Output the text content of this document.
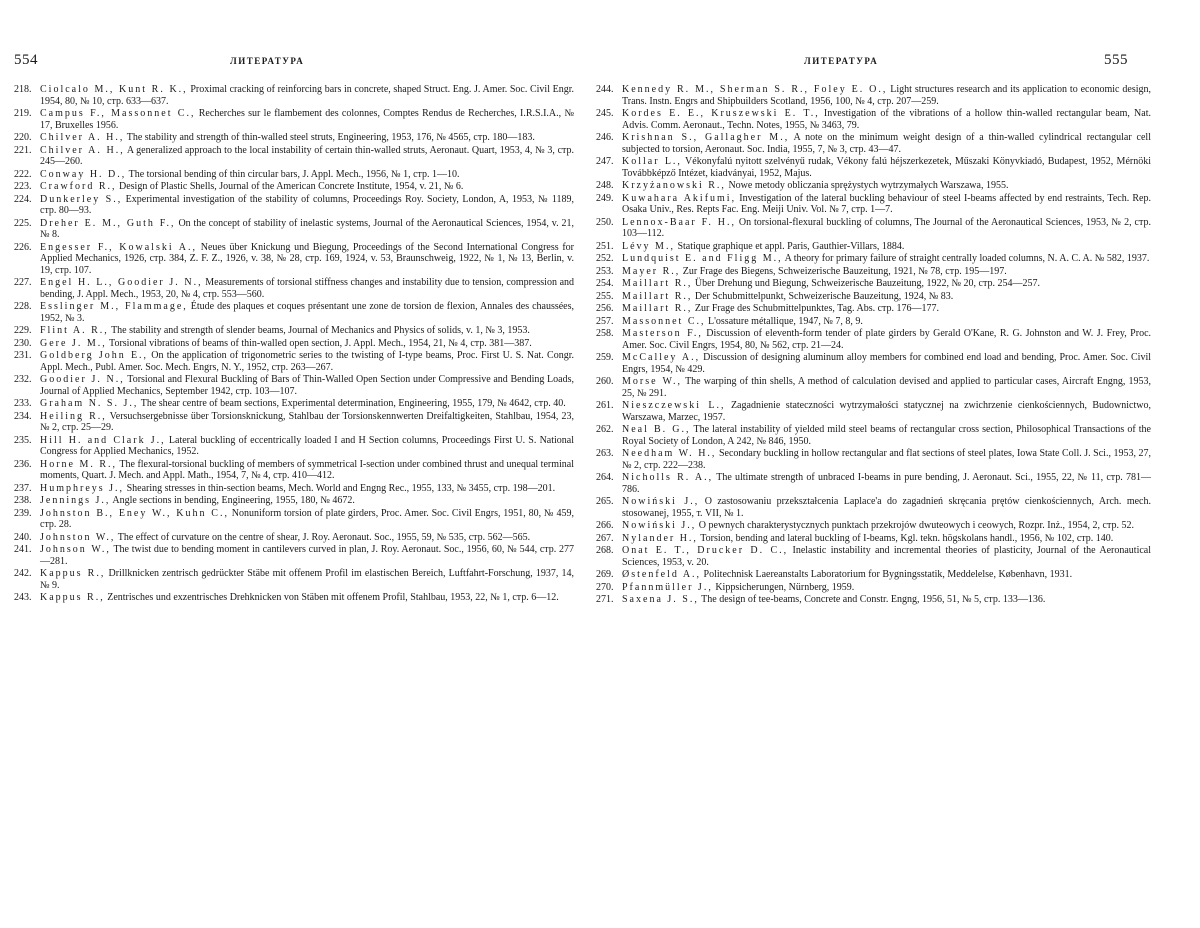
554	ЛИТЕРАТУРА
218. Ciolcalo M., Kunt R. K., Proximal cracking of reinforcing bars in concrete, shaped Struct. Eng. J. Amer. Soc. Civil Engr. 1954, 80, № 10, стр. 633—637.
219. Campus F., Massonnet C., Recherches sur le flambement des colonnes, Comptes Rendus de Recherches, I.R.S.I.A., № 17, Bruxelles 1956.
220. Chilver A. H., The stability and strength of thin-walled steel struts, Engineering, 1953, 176, № 4565, стр. 180—183.
221. Chilver A. H., A generalized approach to the local instability of certain thin-walled struts, Aeronaut. Quart, 1953, 4, № 3, стр. 245—260.
222. Conway H. D., The torsional bending of thin circular bars, J. Appl. Mech., 1956, № 1, стр. 1—10.
223. Crawford R., Design of Plastic Shells, Journal of the American Concrete Institute, 1954, v. 21, № 6.
224. Dunkerley S., Experimental investigation of the stability of columns, Proceedings Roy. Society, London, A, 1953, № 1189, стр. 80—93.
225. Dreher E. M., Guth F., On the concept of stability of inelastic systems, Journal of the Aeronautical Sciences, 1954, v. 21, № 8.
226. Engesser F., Kowalski A., Neues über Knickung und Biegung, Proceedings of the Second International Congress for Applied Mechanics, 1926, стр. 384, Z. F. Z., 1926, v. 38, № 28, стр. 169, 1924, v. 53, Braunschweig, 1922, № 1, № 13, Berlin, v. 19, стр. 107.
227. Engel H. L., Goodier J. N., Measurements of torsional stiffness changes and instability due to tension, compression and bending, J. Appl. Mech., 1953, 20, № 4, стр. 553—560.
228. Esslinger M., Flammage, Étude des plaques et coques présentant une zone de torsion de flexion, Annales des chaussées, 1952, № 3.
229. Flint A. R., The stability and strength of slender beams, Journal of Mechanics and Physics of solids, v. 1, № 3, 1953.
230. Gere J. M., Torsional vibrations of beams of thin-walled open section, J. Appl. Mech., 1954, 21, № 4, стр. 381—387.
231. Goldberg John E., On the application of trigonometric series to the twisting of I-type beams, Proc. First U. S. Nat. Congr. Appl. Mech., Publ. Amer. Soc. Mech. Engrs, N. Y., 1952, стр. 263—267.
232. Goodier J. N., Torsional and Flexural Buckling of Bars of Thin-Walled Open Section under Compressive and Bending Loads, Journal of Applied Mechanics, September 1942, стр. 103—107.
233. Graham N. S. J., The shear centre of beam sections, Experimental determination, Engineering, 1955, 179, № 4642, стр. 40.
234. Heiling R., Versuchsergebnisse über Torsionsknickung, Stahlbau der Torsionskennwerten Dreifaltigkeiten, Stahlbau, 1954, 23, № 2, стр. 25—29.
235. Hill H. and Clark J., Lateral buckling of eccentrically loaded I and H Section columns, Proceedings First U. S. National Congress for Applied Mechanics, 1952.
236. Horne M. R., The flexural-torsional buckling of members of symmetrical I-section under combined thrust and unequal terminal moments, Quart. J. Mech. and Appl. Math., 1954, 7, № 4, стр. 410—412.
237. Humphreys J., Shearing stresses in thin-section beams, Mech. World and Engng Rec., 1955, 133, № 3455, стр. 198—201.
238. Jennings J., Angle sections in bending, Engineering, 1955, 180, № 4672.
239. Johnston B., Eney W., Kuhn C., Nonuniform torsion of plate girders, Proc. Amer. Soc. Civil Engrs, 1951, 80, № 459, стр. 28.
240. Johnston W., The effect of curvature on the centre of shear, J. Roy. Aeronaut. Soc., 1955, 59, № 535, стр. 562—565.
241. Johnson W., The twist due to bending moment in cantilevers curved in plan, J. Roy. Aeronaut. Soc., 1956, 60, № 544, стр. 277—281.
242. Kappus R., Drillknicken zentrisch gedrückter Stäbe mit offenem Profil im elastischen Bereich, Luftfahrt-Forschung, 1937, 14, № 9.
243. Kappus R., Zentrisches und exzentrisches Drehknicken von Stäben mit offenem Profil, Stahlbau, 1953, 22, № 1, стр. 6—12.
555
ЛИТЕРАТУРА
244. Kennedy R. M., Sherman S. R., Foley E. O., Light structures research and its application to economic design, Trans. Instn. Engrs and Shipbuilders Scotland, 1956, 100, № 4, стр. 207—259.
245. Kordes E. E., Kruszewski E. T., Investigation of the vibrations of a hollow thin-walled rectangular beam, Nat. Advis. Comm. Aeronaut., Techn. Notes, 1955, № 3463, 79.
246. Krishnan S., Gallagher M., A note on the minimum weight design of a thin-walled cylindrical rectangular cell subjected to torsion, Aeronaut. Soc. India, 1955, 7, № 3, стр. 43—47.
247. Kollar L., Vékonyfalú nyitott szelvényű rudak, Vékony falú héjszerkezetek, Műszaki Könyvkiadó, Budapest, 1952, Mérnöki Továbbképző Intézet, kiadványai, 1952, Majus.
248. Krzyżanowski R., Nowe metody obliczania sprężystych wytrzymałych Warszawa, 1955.
249. Kuwahara Akifumi, Investigation of the lateral buckling behaviour of steel I-beams affected by end restraints, Tech. Rep. Osaka Univ., Res. Repts Fac. Eng. Meiji Univ. Vol. № 7, стр. 1—7.
250. Lennox-Baar F. H., On torsional-flexural buckling of columns, The Journal of the Aeronautical Sciences, 1953, № 2, стр. 103—112.
251. Lévy M., Statique graphique et appl. Paris, Gauthier-Villars, 1884.
252. Lundquist E. and Fligg M., A theory for primary failure of straight centrally loaded columns, N. A. C. A. № 582, 1937.
253. Mayer R., Zur Frage des Biegens, Schweizerische Bauzeitung, 1921, № 78, стр. 195—197.
254. Maillart R., Über Drehung und Biegung, Schweizerische Bauzeitung, 1922, № 20, стр. 254—257.
255. Maillart R., Der Schubmittelpunkt, Schweizerische Bauzeitung, 1924, № 83.
256. Maillart R., Zur Frage des Schubmittelpunktes, Tag. Abs. стр. 176—177.
257. Massonnet C., L'ossature métallique, 1947, № 7, 8, 9.
258. Masterson F., Discussion of eleventh-form tender of plate girders by Gerald O'Kane, R. G. Johnston and W. J. Frey, Proc. Amer. Soc. Civil Engrs, 1954, 80, № 562, стр. 21—24.
259. McCalley A., Discussion of designing aluminum alloy members for combined end load and bending, Proc. Amer. Soc. Civil Engrs, 1954, № 429.
260. Morse W., The warping of thin shells, A method of calculation devised and applied to particular cases, Aircraft Engng, 1953, 25, № 291.
261. Nieszczewski L., Zagadnienie stateczności wytrzymałości statycznej na zwichrzenie cienkościennych, Budownictwo, Warszawa, Marzec, 1957.
262. Neal B. G., The lateral instability of yielded mild steel beams of rectangular cross section, Philosophical Transactions of the Royal Society of London, A 242, № 846, 1950.
263. Needham W. H., Secondary buckling in hollow rectangular and flat sections of steel plates, Iowa State Coll. J. Sci., 1953, 27, № 2, стр. 222—238.
264. Nicholls R. A., The ultimate strength of unbraced I-beams in pure bending, J. Aeronaut. Sci., 1955, 22, № 11, стр. 781—786.
265. Nowiński J., O zastosowaniu przekształcenia Laplace'a do zagadnień skręcania prętów cienkościennych, Arch. mech. stosowanej, 1955, т. VII, № 1.
266. Nowiński J., O pewnych charakterystycznych punktach przekrojów dwuteowych i ceowych, Rozpr. Inż., 1954, 2, стр. 52.
267. Nylander H., Torsion, bending and lateral buckling of I-beams, Kgl. tekn. högskolans handl., 1956, № 102, стр. 140.
268. Onat E. T., Drucker D. C., Inelastic instability and incremental theories of plasticity, Journal of the Aeronautical Sciences, 1953, v. 20.
269. Østenfeld A., Politechnisk Laereanstalts Laboratorium for Bygningsstatik, Meddelelse, København, 1931.
270. Pfannmüller J., Kippsicherungen, Nürnberg, 1959.
271. Saxena J. S., The design of tee-beams, Concrete and Constr. Engng, 1956, 51, № 5, стр. 133—136.
